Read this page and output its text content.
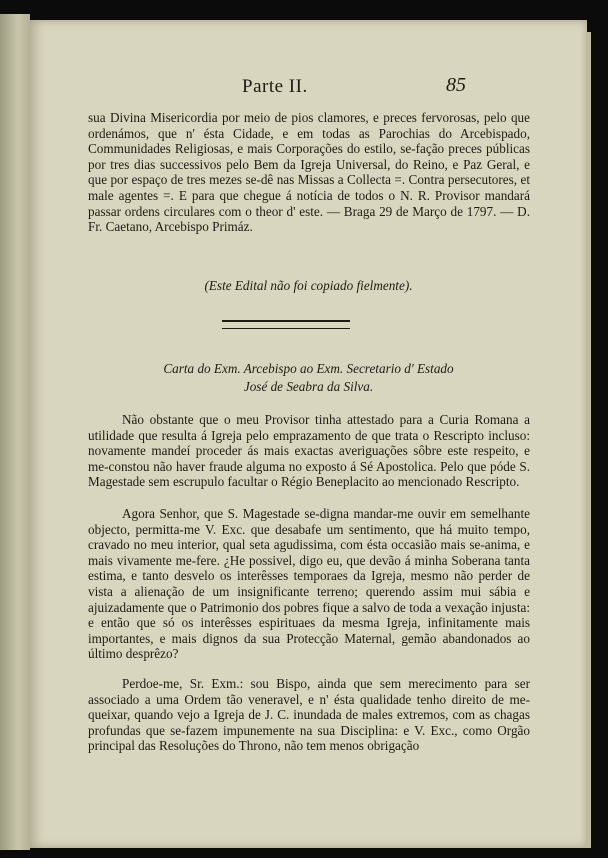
Parte II.	85

sua Divina Misericordia por meio de pios clamores, e preces fervorosas, pelo que ordenámos, que n' ésta Cidade, e em todas as Parochias do Arcebispado, Communidades Religiosas, e mais Corporações do estilo, se-fação preces públicas por tres dias successivos pelo Bem da Igreja Universal, do Reino, e Paz Geral, e que por espaço de tres mezes se-dê nas Missas a Collecta =. Contra persecutores, et male agentes =. E para que chegue á notícia de todos o N. R. Provisor mandará passar ordens circulares com o theor d' este. — Braga 29 de Março de 1797. — D. Fr. Caetano, Arcebispo Primáz.

(Este Edital não foi copiado fielmente).
Carta do Exm. Arcebispo ao Exm. Secretario d' Estado
José de Seabra da Silva.

Não obstante que o meu Provisor tinha attestado para a Curia Romana a utilidade que resulta á Igreja pelo emprazamento de que trata o Rescripto incluso: novamente mandeí proceder ás mais exactas averiguações sôbre este respeito, e me-constou não haver fraude alguma no exposto á Sé Apostolica. Pelo que póde S. Magestade sem escrupulo facultar o Régio Beneplacito ao mencionado Rescripto.

Agora Senhor, que S. Magestade se-digna mandar-me ouvir em semelhante objecto, permitta-me V. Exc. que desabafe um sentimento, que há muito tempo, cravado no meu interior, qual seta agudissima, com ésta occasião mais se-anima, e mais vivamente me-fere. ¿He possivel, digo eu, que devão á minha Soberana tanta estima, e tanto desvelo os interêsses temporaes da Igreja, mesmo não perder de vista a alienação de um insignificante terreno; querendo assim mui sábia e ajuizadamente que o Patrimonio dos pobres fique a salvo de toda a vexação injusta: e então que só os interêsses espirituaes da mesma Igreja, infinitamente mais importantes, e mais dignos da sua Protecção Maternal, gemão abandonados ao último desprêzo?

Perdoe-me, Sr. Exm.: sou Bispo, ainda que sem merecimento para ser associado a uma Ordem tão veneravel, e n' ésta qualidade tenho direito de me-queixar, quando vejo a Igreja de J. C. inundada de males extremos, com as chagas profundas que se-fazem impunemente na sua Disciplina: e V. Exc., como Orgão principal das Resoluções do Throno, não tem menos obrigação
